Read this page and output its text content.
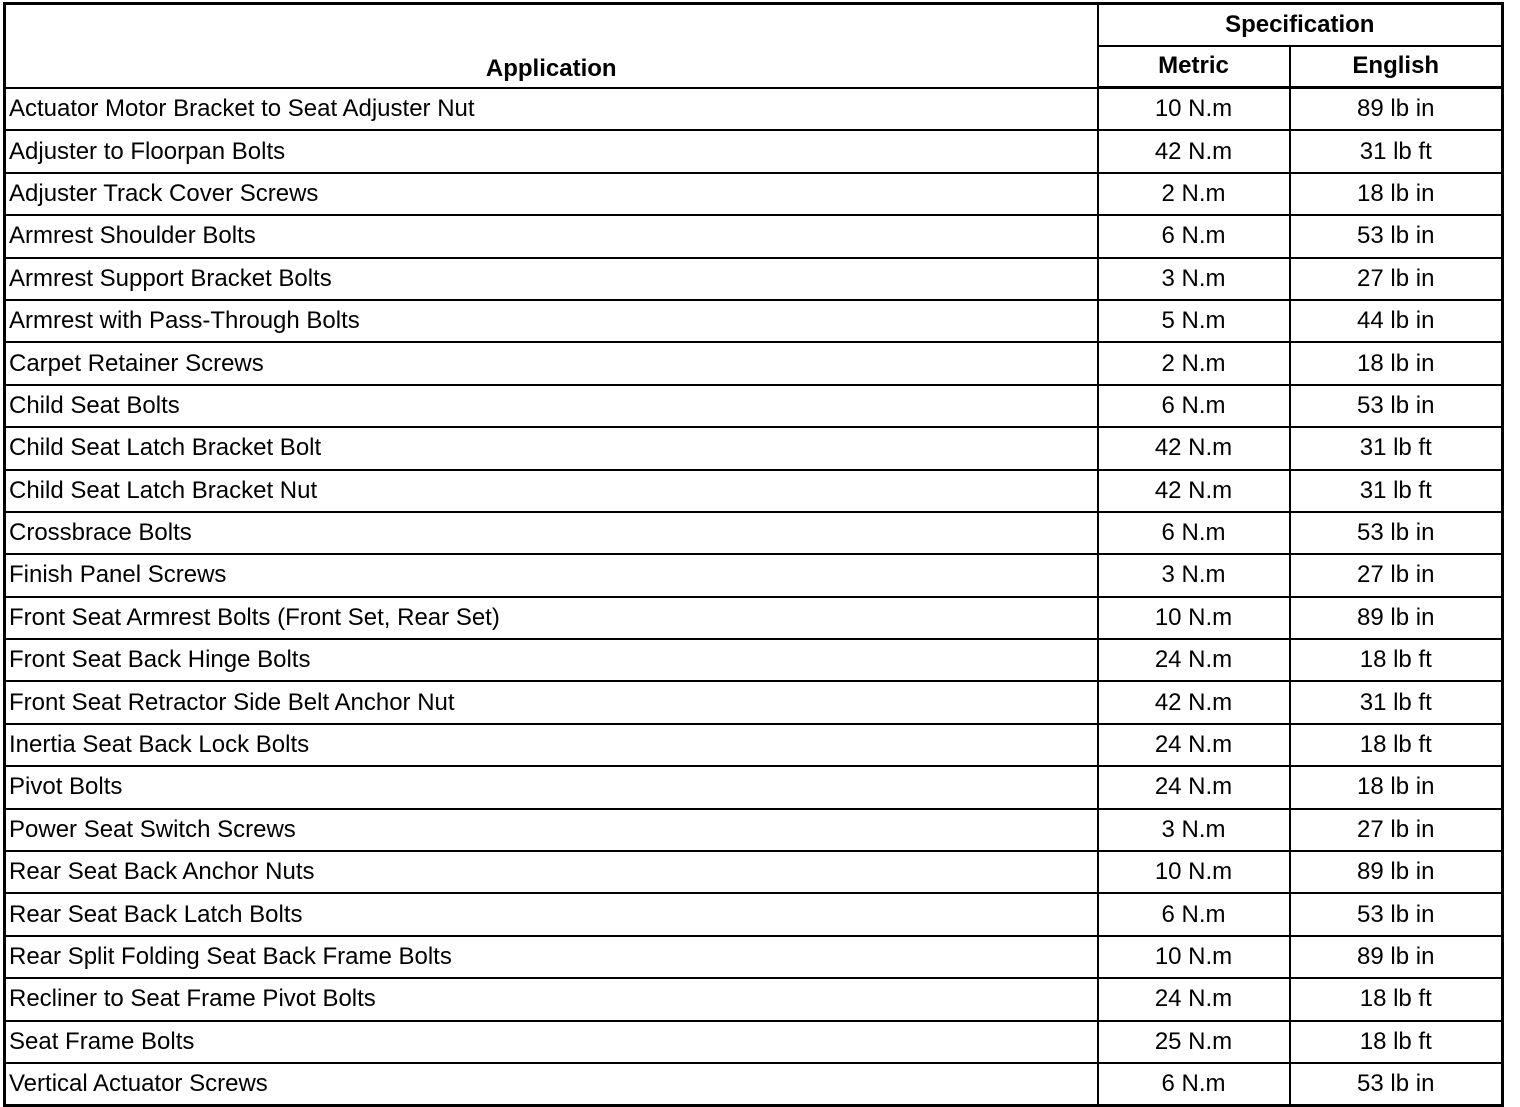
Application	Specification	
	Metric	English
Actuator Motor Bracket to Seat Adjuster Nut	10 N.m	89 lb in
Adjuster to Floorpan Bolts	42 N.m	31 lb ft
Adjuster Track Cover Screws	2 N.m	18 lb in
Armrest Shoulder Bolts	6 N.m	53 lb in
Armrest Support Bracket Bolts	3 N.m	27 lb in
Armrest with Pass-Through Bolts	5 N.m	44 lb in
Carpet Retainer Screws	2 N.m	18 lb in
Child Seat Bolts	6 N.m	53 lb in
Child Seat Latch Bracket Bolt	42 N.m	31 lb ft
Child Seat Latch Bracket Nut	42 N.m	31 lb ft
Crossbrace Bolts	6 N.m	53 lb in
Finish Panel Screws	3 N.m	27 lb in
Front Seat Armrest Bolts (Front Set, Rear Set)	10 N.m	89 lb in
Front Seat Back Hinge Bolts	24 N.m	18 lb ft
Front Seat Retractor Side Belt Anchor Nut	42 N.m	31 lb ft
Inertia Seat Back Lock Bolts	24 N.m	18 lb ft
Pivot Bolts	24 N.m	18 lb in
Power Seat Switch Screws	3 N.m	27 lb in
Rear Seat Back Anchor Nuts	10 N.m	89 lb in
Rear Seat Back Latch Bolts	6 N.m	53 lb in
Rear Split Folding Seat Back Frame Bolts	10 N.m	89 lb in
Recliner to Seat Frame Pivot Bolts	24 N.m	18 lb ft
Seat Frame Bolts	25 N.m	18 lb ft
Vertical Actuator Screws	6 N.m	53 lb in
